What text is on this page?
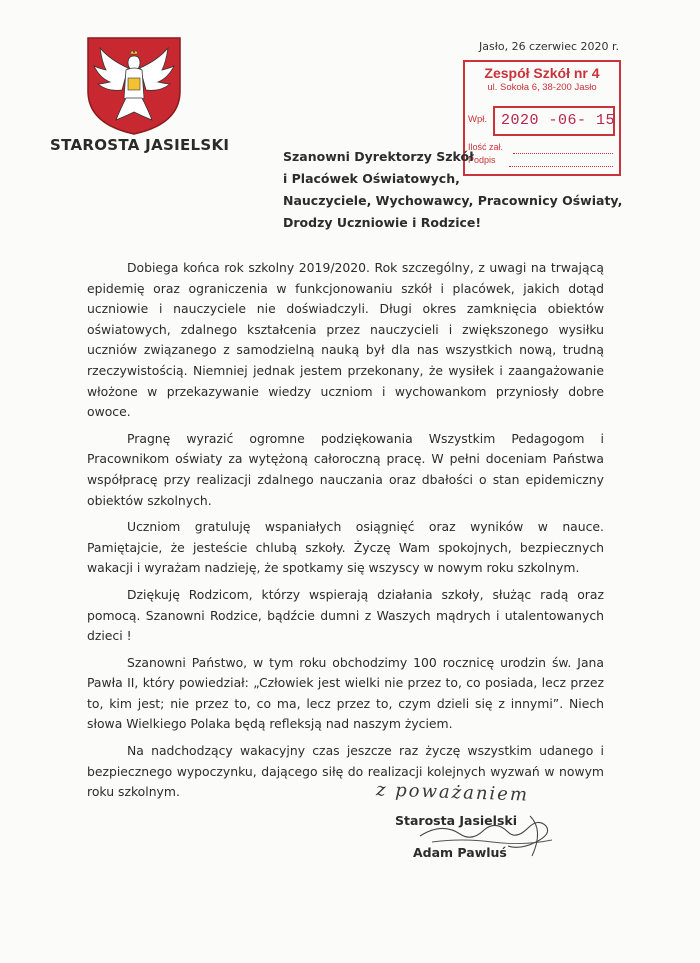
STAROSTA JASIELSKI
Jasło, 26 czerwiec 2020 r.
Zespół Szkół nr 4
ul. Sokoła 6, 38-200 Jasło
Wpł. 2020 -06- 15
Ilość zał.
Podpis
Szanowni Dyrektorzy Szkół
i Placówek Oświatowych,
Nauczyciele, Wychowawcy, Pracownicy Oświaty,
Drodzy Uczniowie i Rodzice!

Dobiega końca rok szkolny 2019/2020. Rok szczególny, z uwagi na trwającą epidemię oraz ograniczenia w funkcjonowaniu szkół i placówek, jakich dotąd uczniowie i nauczyciele nie doświadczyli. Długi okres zamknięcia obiektów oświatowych, zdalnego kształcenia przez nauczycieli i zwiększonego wysiłku uczniów związanego z samodzielną nauką był dla nas wszystkich nową, trudną rzeczywistością. Niemniej jednak jestem przekonany, że wysiłek i zaangażowanie włożone w przekazywanie wiedzy uczniom i wychowankom przyniosły dobre owoce.

Pragnę wyrazić ogromne podziękowania Wszystkim Pedagogom i Pracownikom oświaty za wytężoną całoroczną pracę. W pełni doceniam Państwa współpracę przy realizacji zdalnego nauczania oraz dbałości o stan epidemiczny obiektów szkolnych.

Uczniom gratuluję wspaniałych osiągnięć oraz wyników w nauce. Pamiętajcie, że jesteście chlubą szkoły. Życzę Wam spokojnych, bezpiecznych wakacji i wyrażam nadzieję, że spotkamy się wszyscy w nowym roku szkolnym.

Dziękuję Rodzicom, którzy wspierają działania szkoły, służąc radą oraz pomocą. Szanowni Rodzice, bądźcie dumni z Waszych mądrych i utalentowanych dzieci !

Szanowni Państwo, w tym roku obchodzimy 100 rocznicę urodzin św. Jana Pawła II, który powiedział: „Człowiek jest wielki nie przez to, co posiada, lecz przez to, kim jest; nie przez to, co ma, lecz przez to, czym dzieli się z innymi”. Niech słowa Wielkiego Polaka będą refleksją nad naszym życiem.

Na nadchodzący wakacyjny czas jeszcze raz życzę wszystkim udanego i bezpiecznego wypoczynku, dającego siłę do realizacji kolejnych wyzwań w nowym roku szkolnym.	z poważaniem
Starosta Jasielski
Adam Pawluś
